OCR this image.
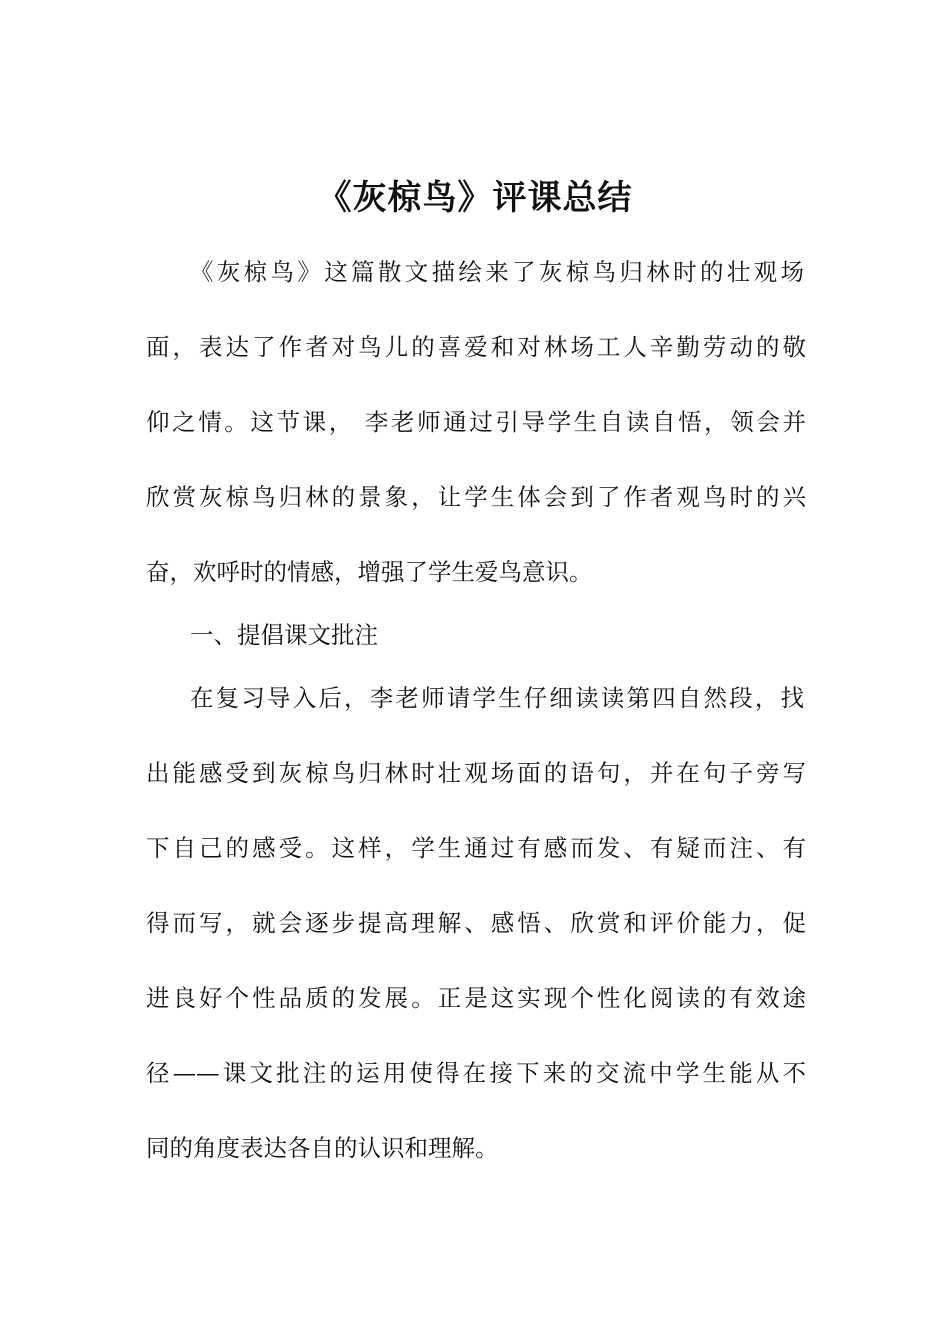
《灰椋鸟》评课总结
《灰椋鸟》这篇散文描绘来了灰椋鸟归林时的壮观场
面，表达了作者对鸟儿的喜爱和对林场工人辛勤劳动的敬
仰之情。这节课， 李老师通过引导学生自读自悟，领会并
欣赏灰椋鸟归林的景象，让学生体会到了作者观鸟时的兴
奋，欢呼时的情感，增强了学生爱鸟意识。
一、提倡课文批注
在复习导入后，李老师请学生仔细读读第四自然段，找
出能感受到灰椋鸟归林时壮观场面的语句，并在句子旁写
下自己的感受。这样，学生通过有感而发、有疑而注、有
得而写，就会逐步提高理解、感悟、欣赏和评价能力，促
进良好个性品质的发展。正是这实现个性化阅读的有效途
径——课文批注的运用使得在接下来的交流中学生能从不
同的角度表达各自的认识和理解。
